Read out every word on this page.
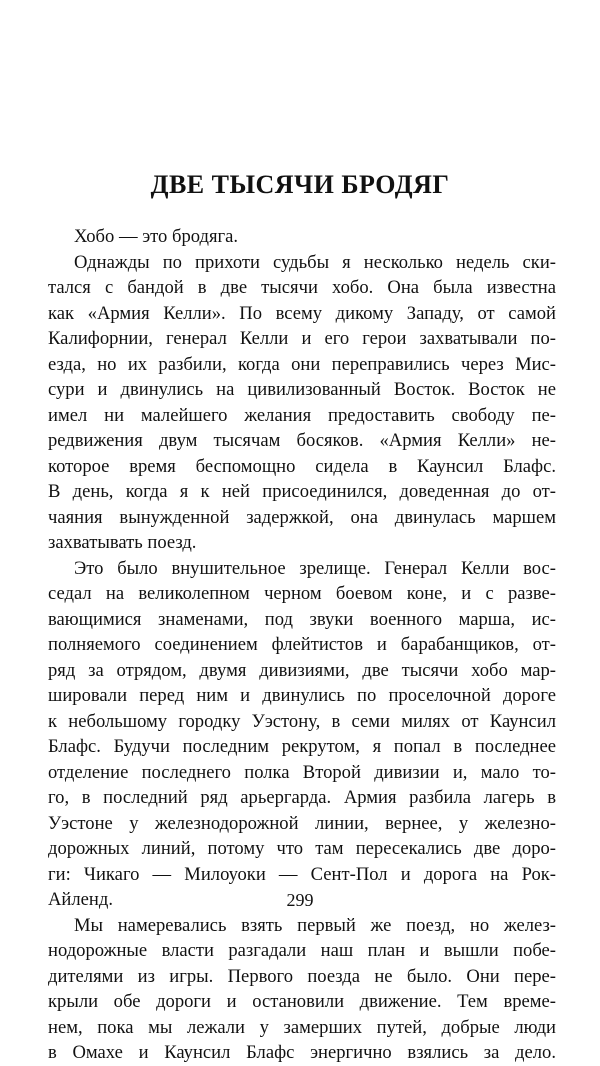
ДВЕ ТЫСЯЧИ БРОДЯГ
Хобо — это бродяга.
Однажды по прихоти судьбы я несколько недель ски-
тался с бандой в две тысячи хобо. Она была известна
как «Армия Келли». По всему дикому Западу, от самой
Калифорнии, генерал Келли и его герои захватывали по-
езда, но их разбили, когда они переправились через Мис-
сури и двинулись на цивилизованный Восток. Восток не
имел ни малейшего желания предоставить свободу пе-
редвижения двум тысячам босяков. «Армия Келли» не-
которое время беспомощно сидела в Каунсил Блафс.
В день, когда я к ней присоединился, доведенная до от-
чаяния вынужденной задержкой, она двинулась маршем
захватывать поезд.
Это было внушительное зрелище. Генерал Келли вос-
седал на великолепном черном боевом коне, и с разве-
вающимися знаменами, под звуки военного марша, ис-
полняемого соединением флейтистов и барабанщиков, от-
ряд за отрядом, двумя дивизиями, две тысячи хобо мар-
шировали перед ним и двинулись по проселочной дороге
к небольшому городку Уэстону, в семи милях от Каунсил
Блафс. Будучи последним рекрутом, я попал в последнее
отделение последнего полка Второй дивизии и, мало то-
го, в последний ряд арьергарда. Армия разбила лагерь в
Уэстоне у железнодорожной линии, вернее, у железно-
дорожных линий, потому что там пересекались две доро-
ги: Чикаго — Милоуоки — Сент-Пол и дорога на Рок-
Айленд.
Мы намеревались взять первый же поезд, но желез-
нодорожные власти разгадали наш план и вышли побе-
дителями из игры. Первого поезда не было. Они пере-
крыли обе дороги и остановили движение. Тем време-
нем, пока мы лежали у замерших путей, добрые люди
в Омахе и Каунсил Блафс энергично взялись за дело.
299
